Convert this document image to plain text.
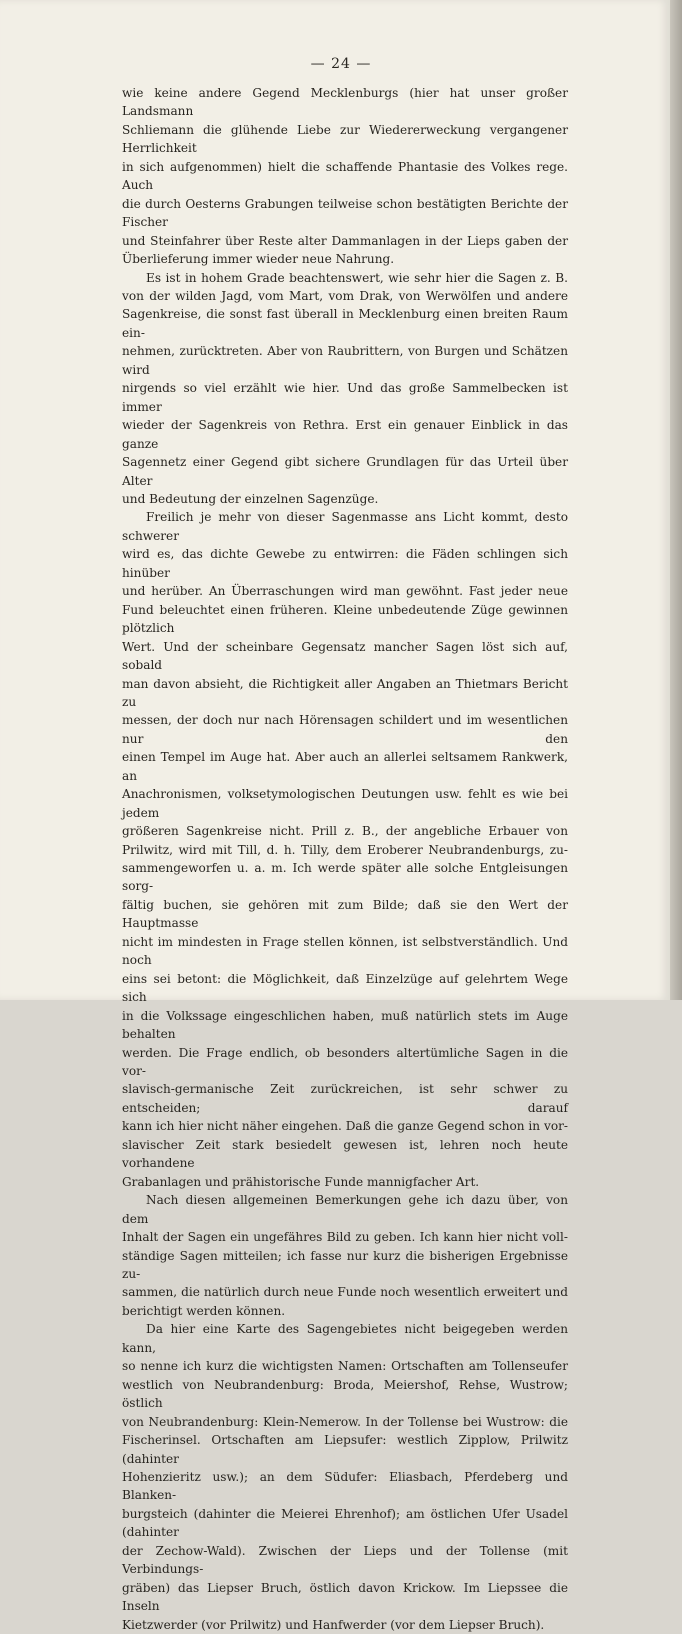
— 24 —

wie keine andere Gegend Mecklenburgs (hier hat unser großer Landsmann
Schliemann die glühende Liebe zur Wiedererweckung vergangener Herrlichkeit
in sich aufgenommen) hielt die schaffende Phantasie des Volkes rege. Auch
die durch Oesterns Grabungen teilweise schon bestätigten Berichte der Fischer
und Steinfahrer über Reste alter Dammanlagen in der Lieps gaben der
Überlieferung immer wieder neue Nahrung.

Es ist in hohem Grade beachtenswert, wie sehr hier die Sagen z. B.
von der wilden Jagd, vom Mart, vom Drak, von Werwölfen und andere
Sagenkreise, die sonst fast überall in Mecklenburg einen breiten Raum ein-
nehmen, zurücktreten. Aber von Raubrittern, von Burgen und Schätzen wird
nirgends so viel erzählt wie hier. Und das große Sammelbecken ist immer
wieder der Sagenkreis von Rethra. Erst ein genauer Einblick in das ganze
Sagennetz einer Gegend gibt sichere Grundlagen für das Urteil über Alter
und Bedeutung der einzelnen Sagenzüge.

Freilich je mehr von dieser Sagenmasse ans Licht kommt, desto schwerer
wird es, das dichte Gewebe zu entwirren: die Fäden schlingen sich hinüber
und herüber. An Überraschungen wird man gewöhnt. Fast jeder neue
Fund beleuchtet einen früheren. Kleine unbedeutende Züge gewinnen plötzlich
Wert. Und der scheinbare Gegensatz mancher Sagen löst sich auf, sobald
man davon absieht, die Richtigkeit aller Angaben an Thietmars Bericht zu
messen, der doch nur nach Hörensagen schildert und im wesentlichen nur den
einen Tempel im Auge hat. Aber auch an allerlei seltsamem Rankwerk, an
Anachronismen, volksetymologischen Deutungen usw. fehlt es wie bei jedem
größeren Sagenkreise nicht. Prill z. B., der angebliche Erbauer von
Prilwitz, wird mit Till, d. h. Tilly, dem Eroberer Neubrandenburgs, zu-
sammengeworfen u. a. m. Ich werde später alle solche Entgleisungen sorg-
fältig buchen, sie gehören mit zum Bilde; daß sie den Wert der Hauptmasse
nicht im mindesten in Frage stellen können, ist selbstverständlich. Und noch
eins sei betont: die Möglichkeit, daß Einzelzüge auf gelehrtem Wege sich
in die Volkssage eingeschlichen haben, muß natürlich stets im Auge behalten
werden. Die Frage endlich, ob besonders altertümliche Sagen in die vor-
slavisch-germanische Zeit zurückreichen, ist sehr schwer zu entscheiden; darauf
kann ich hier nicht näher eingehen. Daß die ganze Gegend schon in vor-
slavischer Zeit stark besiedelt gewesen ist, lehren noch heute vorhandene
Grabanlagen und prähistorische Funde mannigfacher Art.

Nach diesen allgemeinen Bemerkungen gehe ich dazu über, von dem
Inhalt der Sagen ein ungefähres Bild zu geben. Ich kann hier nicht voll-
ständige Sagen mitteilen; ich fasse nur kurz die bisherigen Ergebnisse zu-
sammen, die natürlich durch neue Funde noch wesentlich erweitert und
berichtigt werden können.

Da hier eine Karte des Sagengebietes nicht beigegeben werden kann,
so nenne ich kurz die wichtigsten Namen: Ortschaften am Tollenseufer
westlich von Neubrandenburg: Broda, Meiershof, Rehse, Wustrow; östlich
von Neubrandenburg: Klein-Nemerow. In der Tollense bei Wustrow: die
Fischerinsel. Ortschaften am Liepsufer: westlich Zipplow, Prilwitz (dahinter
Hohenzieritz usw.); an dem Südufer: Eliasbach, Pferdeberg und Blanken-
burgsteich (dahinter die Meierei Ehrenhof); am östlichen Ufer Usadel (dahinter
der Zechow-Wald). Zwischen der Lieps und der Tollense (mit Verbindungs-
gräben) das Liepser Bruch, östlich davon Krickow. Im Liepssee die Inseln
Kietzwerder (vor Prilwitz) und Hanfwerder (vor dem Liepser Bruch).
